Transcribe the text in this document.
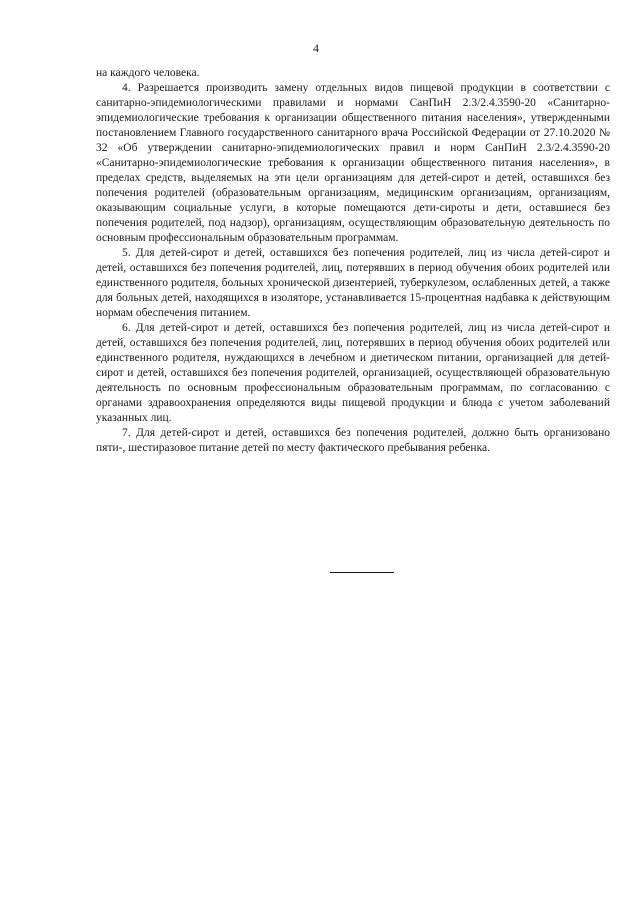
4

на каждого человека.

4. Разрешается производить замену отдельных видов пищевой продукции в соответствии с санитарно-эпидемиологическими правилами и нормами СанПиН 2.3/2.4.3590-20 «Санитарно-эпидемиологические требования к организации общественного питания населения», утвержденными постановлением Главного государственного санитарного врача Российской Федерации от 27.10.2020 № 32 «Об утверждении санитарно-эпидемиологических правил и норм СанПиН 2.3/2.4.3590-20 «Санитарно-эпидемиологические требования к организации общественного питания населения», в пределах средств, выделяемых на эти цели организациям для детей-сирот и детей, оставшихся без попечения родителей (образовательным организациям, медицинским организациям, организациям, оказывающим социальные услуги, в которые помещаются дети-сироты и дети, оставшиеся без попечения родителей, под надзор), организациям, осуществляющим образовательную деятельность по основным профессиональным образовательным программам.

5. Для детей-сирот и детей, оставшихся без попечения родителей, лиц из числа детей-сирот и детей, оставшихся без попечения родителей, лиц, потерявших в период обучения обоих родителей или единственного родителя, больных хронической дизентерией, туберкулезом, ослабленных детей, а также для больных детей, находящихся в изоляторе, устанавливается 15-процентная надбавка к действующим нормам обеспечения питанием.

6. Для детей-сирот и детей, оставшихся без попечения родителей, лиц из числа детей-сирот и детей, оставшихся без попечения родителей, лиц, потерявших в период обучения обоих родителей или единственного родителя, нуждающихся в лечебном и диетическом питании, организацией для детей-сирот и детей, оставшихся без попечения родителей, организацией, осуществляющей образовательную деятельность по основным профессиональным образовательным программам, по согласованию с органами здравоохранения определяются виды пищевой продукции и блюда с учетом заболеваний указанных лиц.

7. Для детей-сирот и детей, оставшихся без попечения родителей, должно быть организовано пяти-, шестиразовое питание детей по месту фактического пребывания ребенка.
